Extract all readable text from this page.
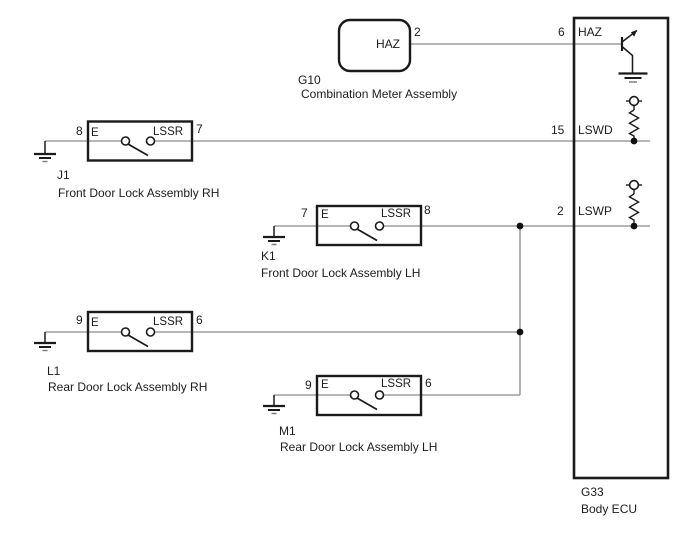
HAZ
2
G10
Combination Meter Assembly
6 HAZ
15 LSWD
2 LSWP
G33
Body ECU
8 E	LSSR 7
J1
Front Door Lock Assembly RH
7 E	LSSR 8
K1
Front Door Lock Assembly LH
9 E	LSSR 6
L1
Rear Door Lock Assembly RH	9 E	LSSR 6
M1
Rear Door Lock Assembly LH
